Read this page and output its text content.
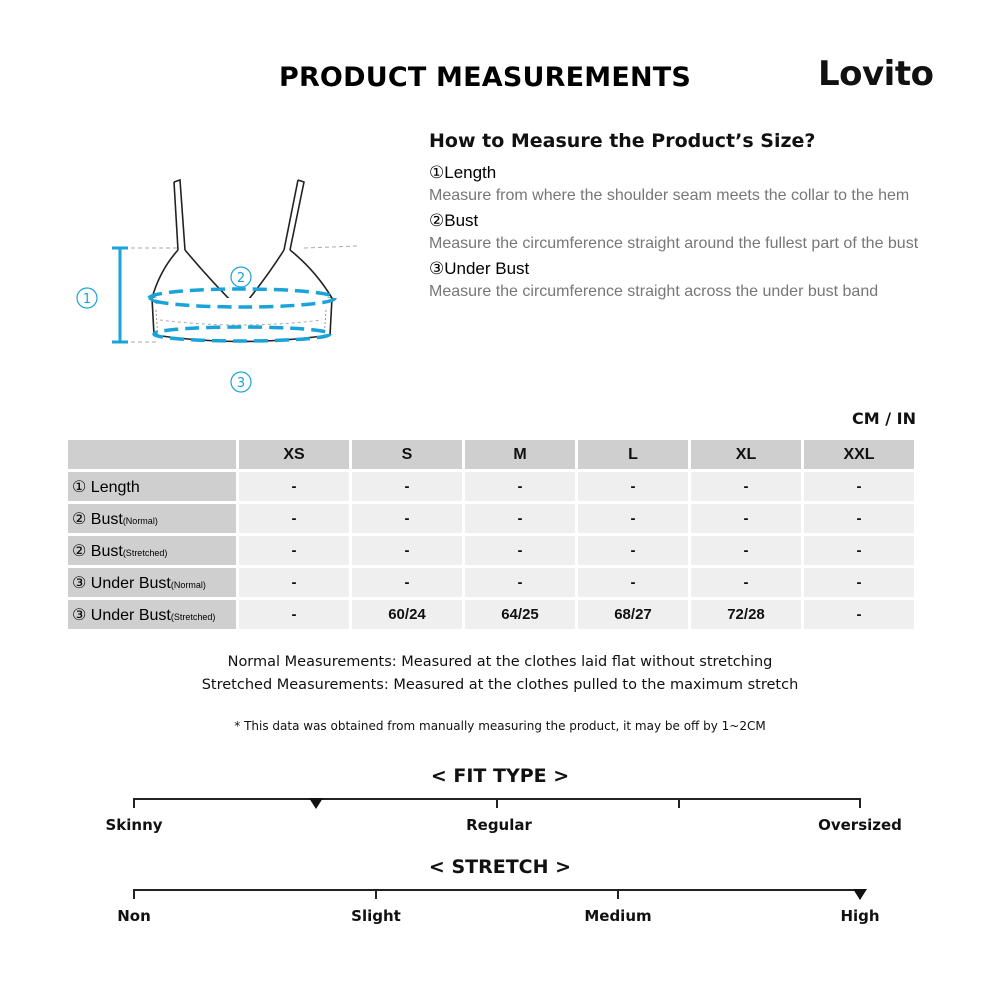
PRODUCT MEASUREMENTS	Lovito
1
2
3
How to Measure the Product’s Size?
①Length
Measure from where the shoulder seam meets the collar to the hem
②Bust
Measure the circumference straight around the fullest part of the bust
③Under Bust
Measure the circumference straight across the under bust band
CM / IN
	XS	S	M	L	XL	XXL
① Length	-	-	-	-	-	-
② Bust(Normal)	-	-	-	-	-	-
② Bust(Stretched)	-	-	-	-	-	-
③ Under Bust(Normal)	-	-	-	-	-	-
③ Under Bust(Stretched)	-	60/24	64/25	68/27	72/28	-
Normal Measurements: Measured at the clothes laid flat without stretching
Stretched Measurements: Measured at the clothes pulled to the maximum stretch
* This data was obtained from manually measuring the product, it may be off by 1~2CM
< FIT TYPE >
Skinny	Regular	Oversized
< STRETCH >
Non	Slight	Medium	High
